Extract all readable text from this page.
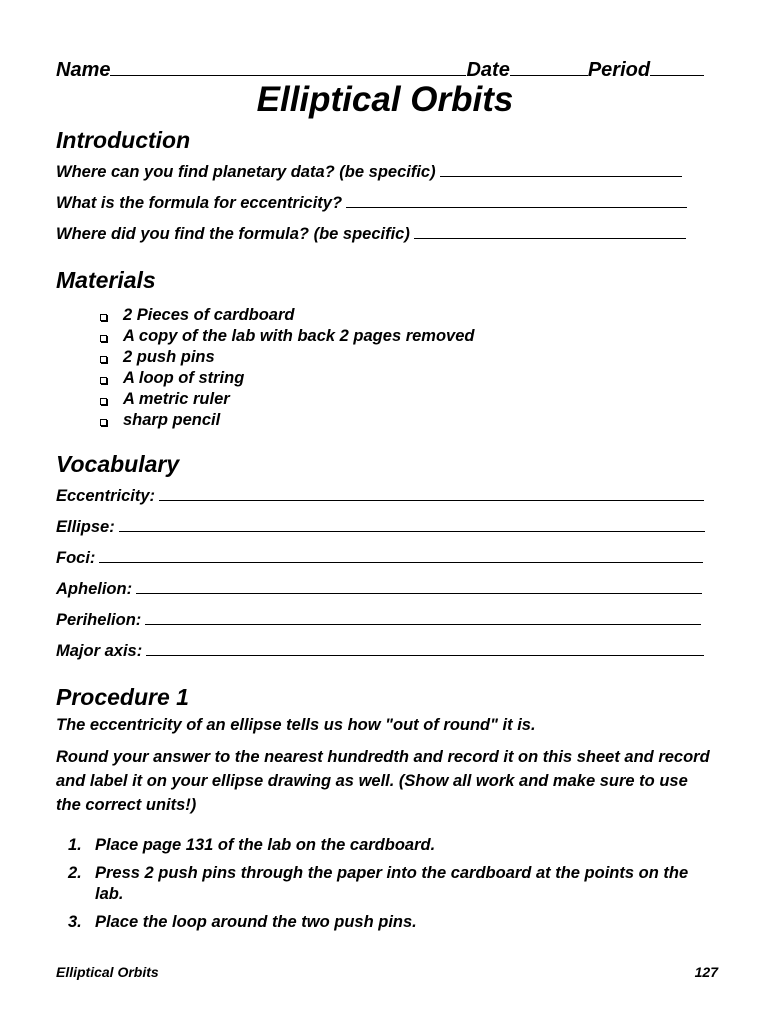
Name	Date	Period
Elliptical Orbits
Introduction
Where can you find planetary data? (be specific)
What is the formula for eccentricity?
Where did you find the formula? (be specific)
Materials
2 Pieces of cardboard
A copy of the lab with back 2 pages removed
2 push pins
A loop of string
A metric ruler
sharp pencil
Vocabulary
Eccentricity:
Ellipse:
Foci:
Aphelion:
Perihelion:
Major axis:
Procedure 1
The eccentricity of an ellipse tells us how "out of round" it is.
Round your answer to the nearest hundredth and record it on this sheet and record and label it on your ellipse drawing as well. (Show all work and make sure to use the correct units!)
1. Place page 131 of the lab on the cardboard.
2. Press 2 push pins through the paper into the cardboard at the points on the lab.
3. Place the loop around the two push pins.
Elliptical Orbits	127
